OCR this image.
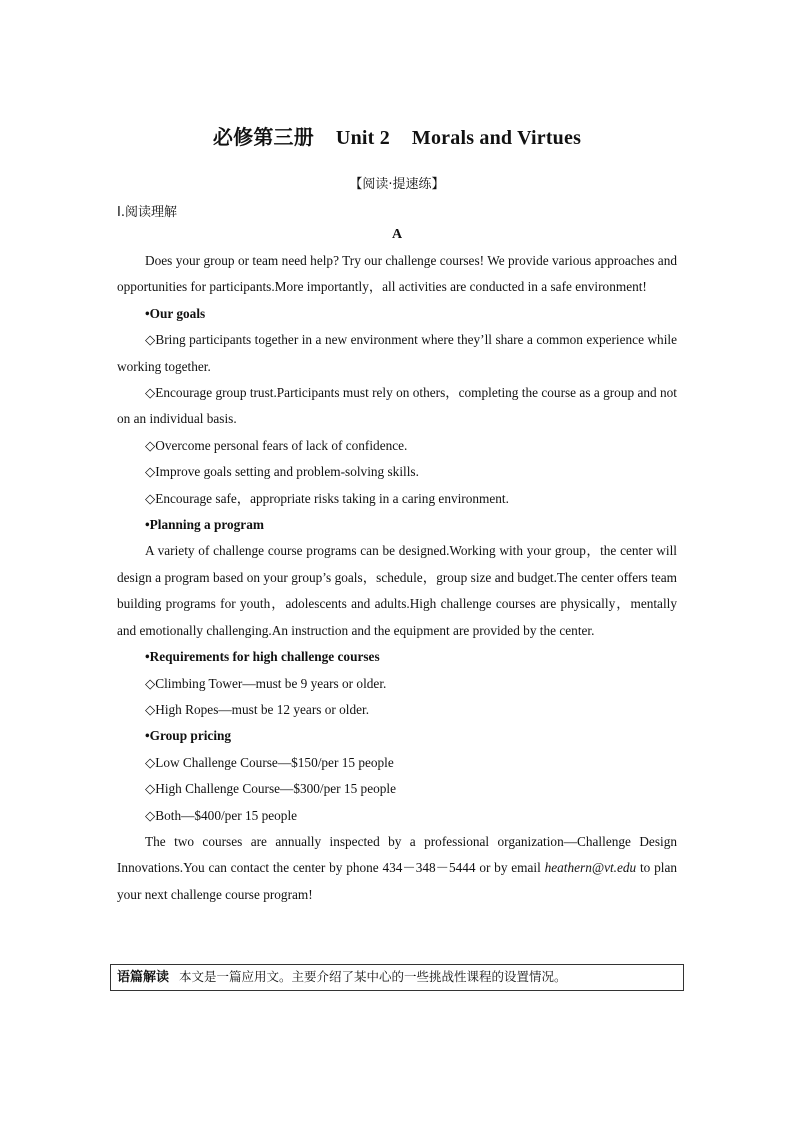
必修第三册 Unit 2 Morals and Virtues
【阅读·提速练】
Ⅰ.阅读理解
A

Does your group or team need help? Try our challenge courses! We provide various approaches and opportunities for participants.More importantly，all activities are conducted in a safe environment!

•Our goals

◇Bring participants together in a new environment where they’ll share a common experience while working together.

◇Encourage group trust.Participants must rely on others，completing the course as a group and not on an individual basis.

◇Overcome personal fears of lack of confidence.

◇Improve goals setting and problem-solving skills.

◇Encourage safe，appropriate risks taking in a caring environment.

•Planning a program

A variety of challenge course programs can be designed.Working with your group，the center will design a program based on your group’s goals，schedule，group size and budget.The center offers team building programs for youth，adolescents and adults.High challenge courses are physically，mentally and emotionally challenging.An instruction and the equipment are provided by the center.

•Requirements for high challenge courses

◇Climbing Tower—must be 9 years or older.

◇High Ropes—must be 12 years or older.

•Group pricing

◇Low Challenge Course—$150/per 15 people

◇High Challenge Course—$300/per 15 people

◇Both—$400/per 15 people

The two courses are annually inspected by a professional organization—Challenge Design Innovations.You can contact the center by phone 434－348－5444 or by email heathern@vt.edu to plan your next challenge course program!

语篇解读 本文是一篇应用文。主要介绍了某中心的一些挑战性课程的设置情况。
